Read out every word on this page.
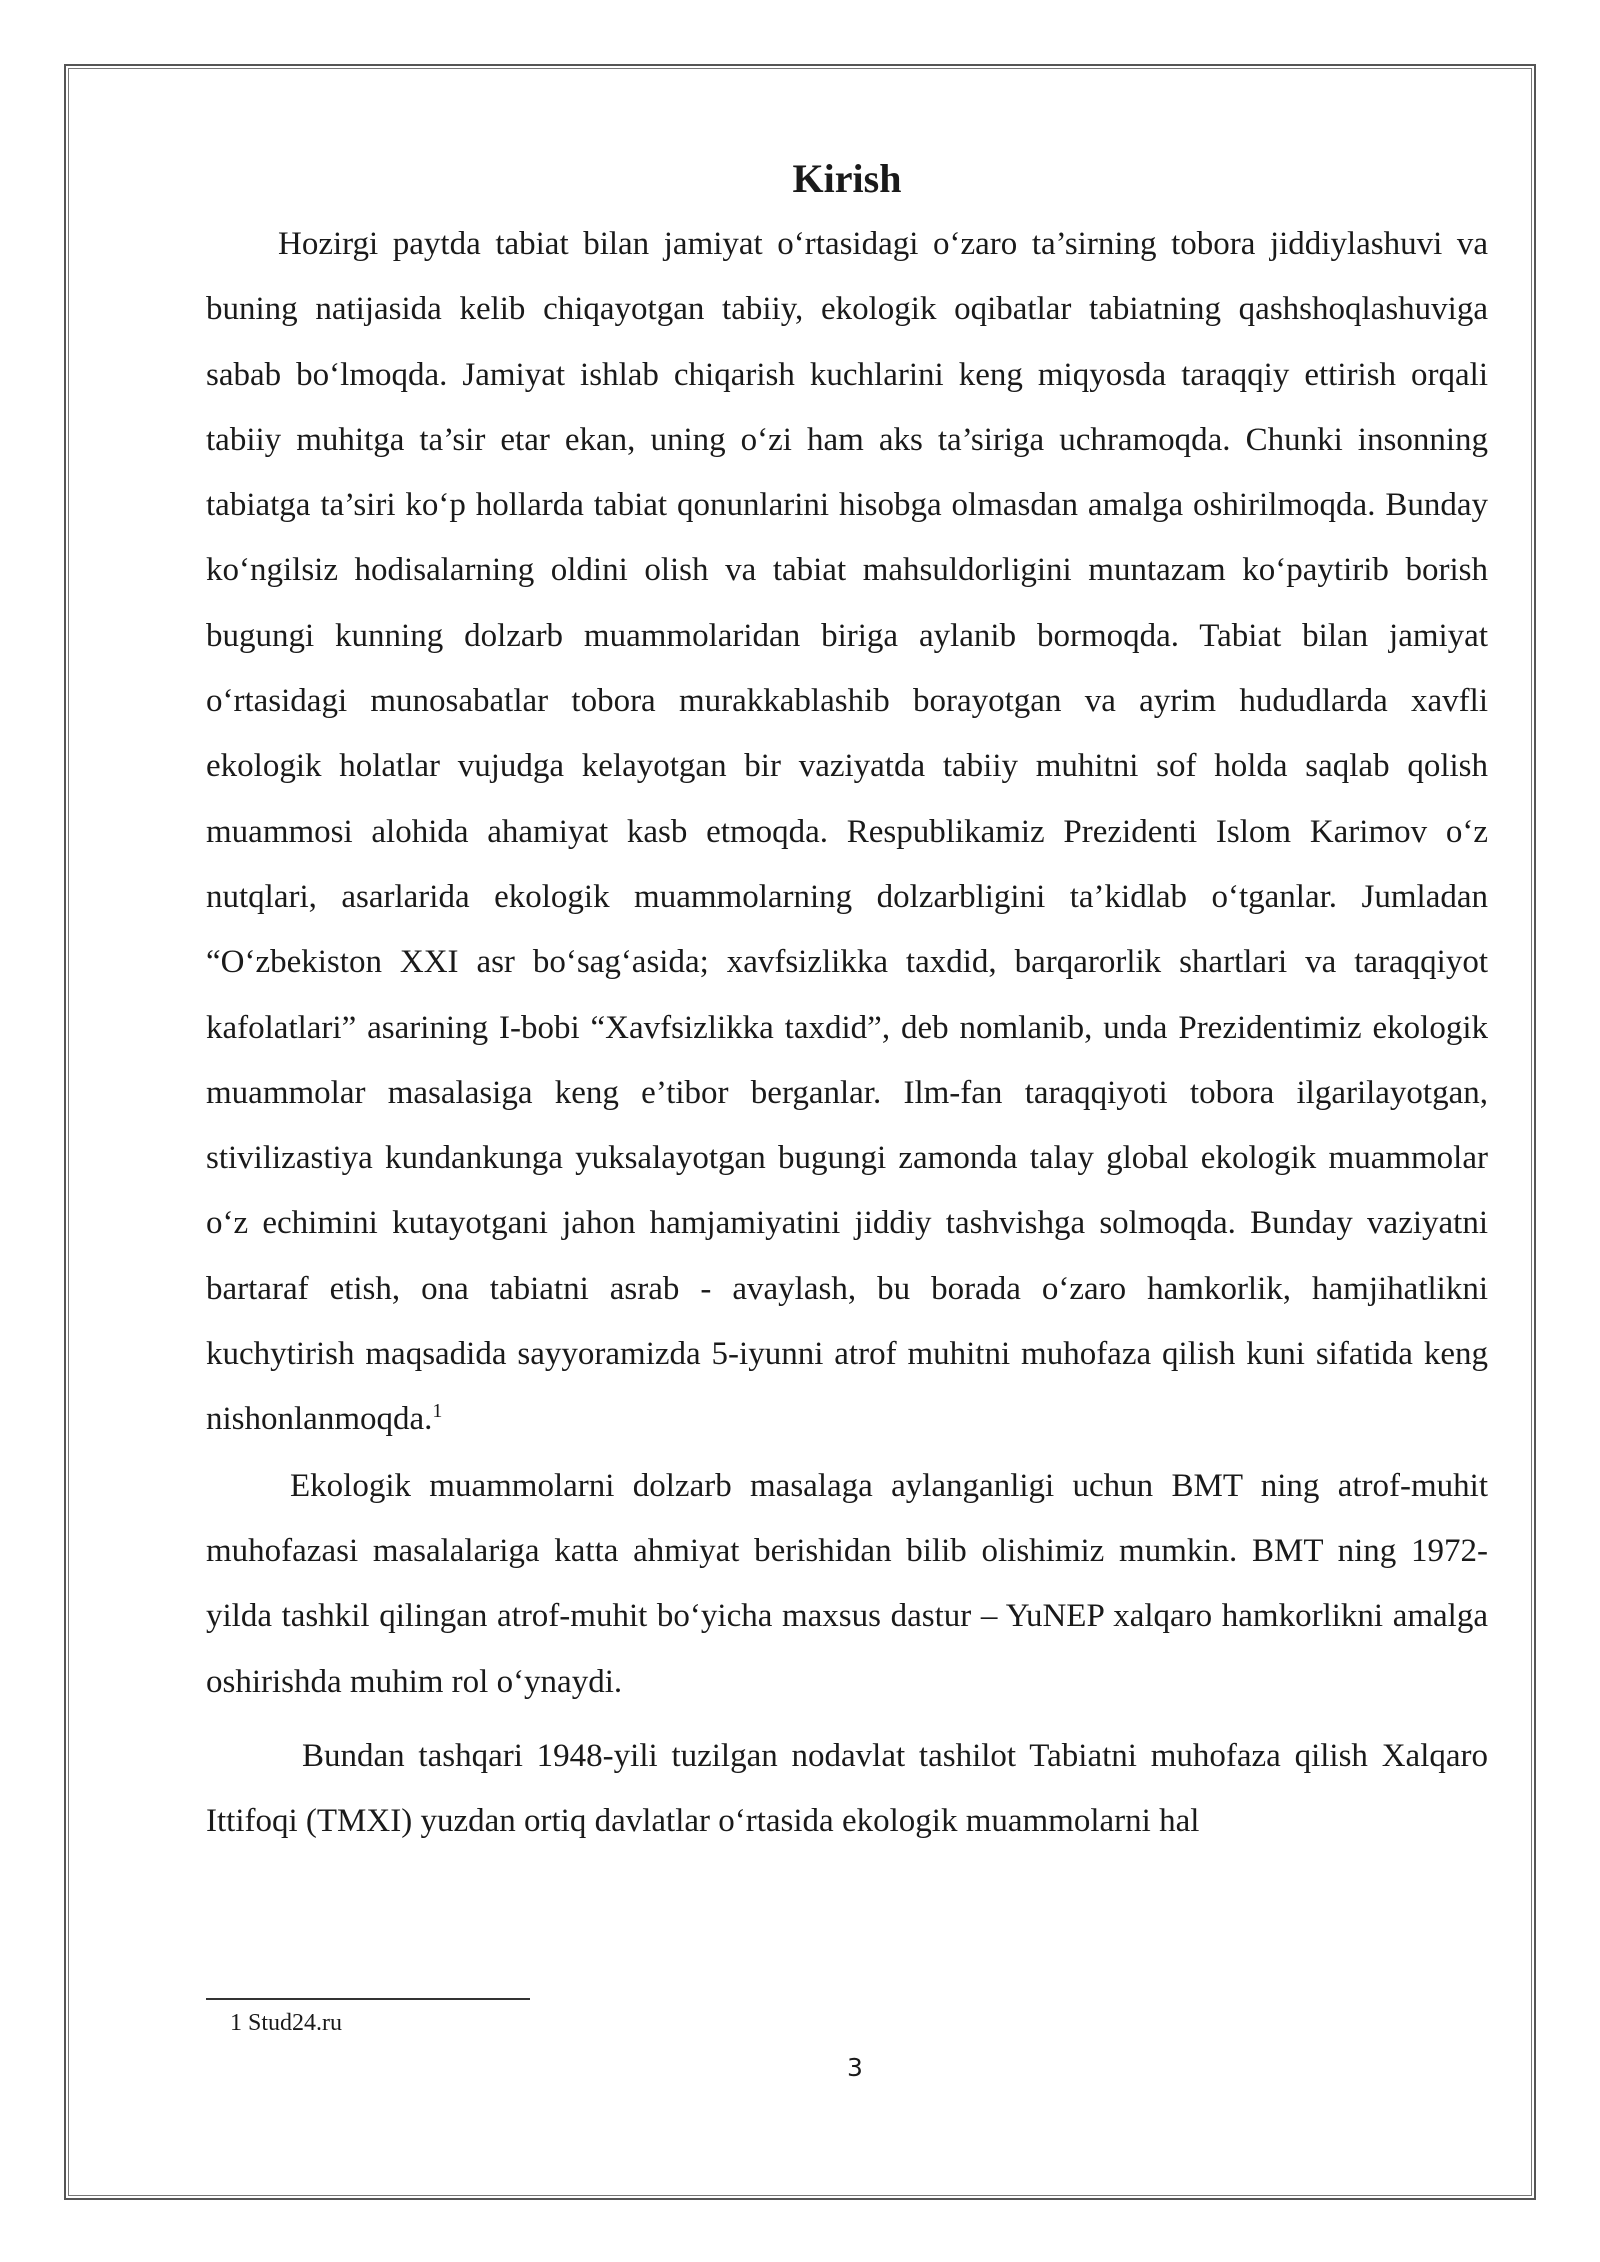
Kirish

Hozirgi paytda tabiat bilan jamiyat o‘rtasidagi o‘zaro ta’sirning tobora jiddiylashuvi va buning natijasida kelib chiqayotgan tabiiy, ekologik oqibatlar tabiatning qashshoqlashuviga sabab bo‘lmoqda. Jamiyat ishlab chiqarish kuchlarini keng miqyosda taraqqiy ettirish orqali tabiiy muhitga ta’sir etar ekan, uning o‘zi ham aks ta’siriga uchramoqda. Chunki insonning tabiatga ta’siri ko‘p hollarda tabiat qonunlarini hisobga olmasdan amalga oshirilmoqda. Bunday ko‘ngilsiz hodisalarning oldini olish va tabiat mahsuldorligini muntazam ko‘paytirib borish bugungi kunning dolzarb muammolaridan biriga aylanib bormoqda. Tabiat bilan jamiyat o‘rtasidagi munosabatlar tobora murakkablashib borayotgan va ayrim hududlarda xavfli ekologik holatlar vujudga kelayotgan bir vaziyatda tabiiy muhitni sof holda saqlab qolish muammosi alohida ahamiyat kasb etmoqda. Respublikamiz Prezidenti Islom Karimov o‘z nutqlari, asarlarida ekologik muammolarning dolzarbligini ta’kidlab o‘tganlar. Jumladan “O‘zbekiston XXI asr bo‘sag‘asida; xavfsizlikka taxdid, barqarorlik shartlari va taraqqiyot kafolatlari” asarining I-bobi “Xavfsizlikka taxdid”, deb nomlanib, unda Prezidentimiz ekologik muammolar masalasiga keng e’tibor berganlar. Ilm-fan taraqqiyoti tobora ilgarilayotgan, stivilizastiya kundankunga yuksalayotgan bugungi zamonda talay global ekologik muammolar o‘z echimini kutayotgani jahon hamjamiyatini jiddiy tashvishga solmoqda. Bunday vaziyatni bartaraf etish, ona tabiatni asrab - avaylash, bu borada o‘zaro hamkorlik, hamjihatlikni kuchytirish maqsadida sayyoramizda 5-iyunni atrof muhitni muhofaza qilish kuni sifatida keng nishonlanmoqda.$^1$

Ekologik muammolarni dolzarb masalaga aylanganligi uchun BMT ning atrof-muhit muhofazasi masalalariga katta ahmiyat berishidan bilib olishimiz mumkin. BMT ning 1972-yilda tashkil qilingan atrof-muhit bo‘yicha maxsus dastur – YuNEP xalqaro hamkorlikni amalga oshirishda muhim rol o‘ynaydi.

Bundan tashqari 1948-yili tuzilgan nodavlat tashilot Tabiatni muhofaza qilish Xalqaro Ittifoqi (TMXI) yuzdan ortiq davlatlar o‘rtasida ekologik muammolarni hal

1 Stud24.ru
3
